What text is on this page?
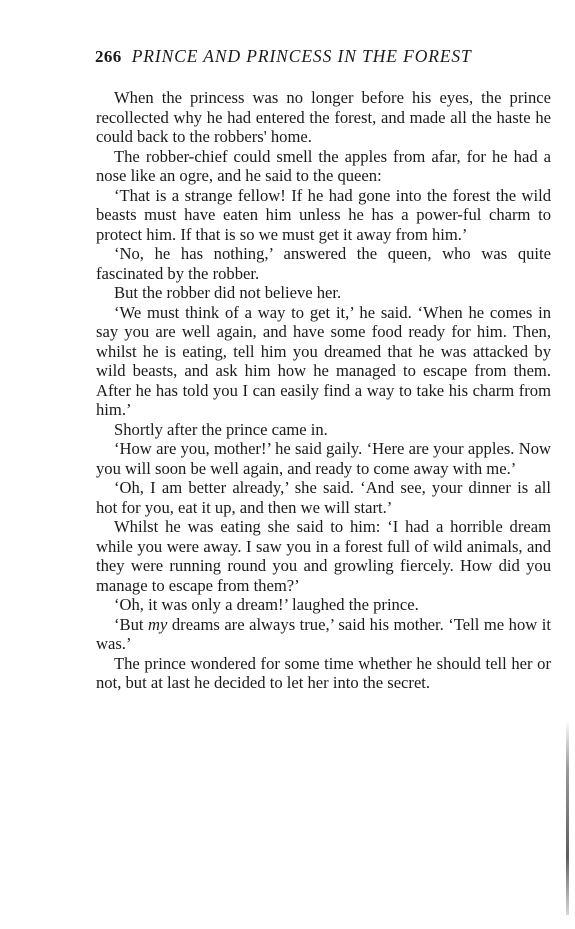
266 PRINCE AND PRINCESS IN THE FOREST

When the princess was no longer before his eyes, the prince recollected why he had entered the forest, and made all the haste he could back to the robbers' home.

The robber-chief could smell the apples from afar, for he had a nose like an ogre, and he said to the queen:

‘That is a strange fellow! If he had gone into the forest the wild beasts must have eaten him unless he has a power-ful charm to protect him. If that is so we must get it away from him.’

‘No, he has nothing,’ answered the queen, who was quite fascinated by the robber.

But the robber did not believe her.

‘We must think of a way to get it,’ he said. ‘When he comes in say you are well again, and have some food ready for him. Then, whilst he is eating, tell him you dreamed that he was attacked by wild beasts, and ask him how he managed to escape from them. After he has told you I can easily find a way to take his charm from him.’

Shortly after the prince came in.

‘How are you, mother!’ he said gaily. ‘Here are your apples. Now you will soon be well again, and ready to come away with me.’

‘Oh, I am better already,’ she said. ‘And see, your dinner is all hot for you, eat it up, and then we will start.’

Whilst he was eating she said to him: ‘I had a horrible dream while you were away. I saw you in a forest full of wild animals, and they were running round you and growling fiercely. How did you manage to escape from them?’

‘Oh, it was only a dream!’ laughed the prince.

‘But my dreams are always true,’ said his mother. ‘Tell me how it was.’

The prince wondered for some time whether he should tell her or not, but at last he decided to let her into the secret.
